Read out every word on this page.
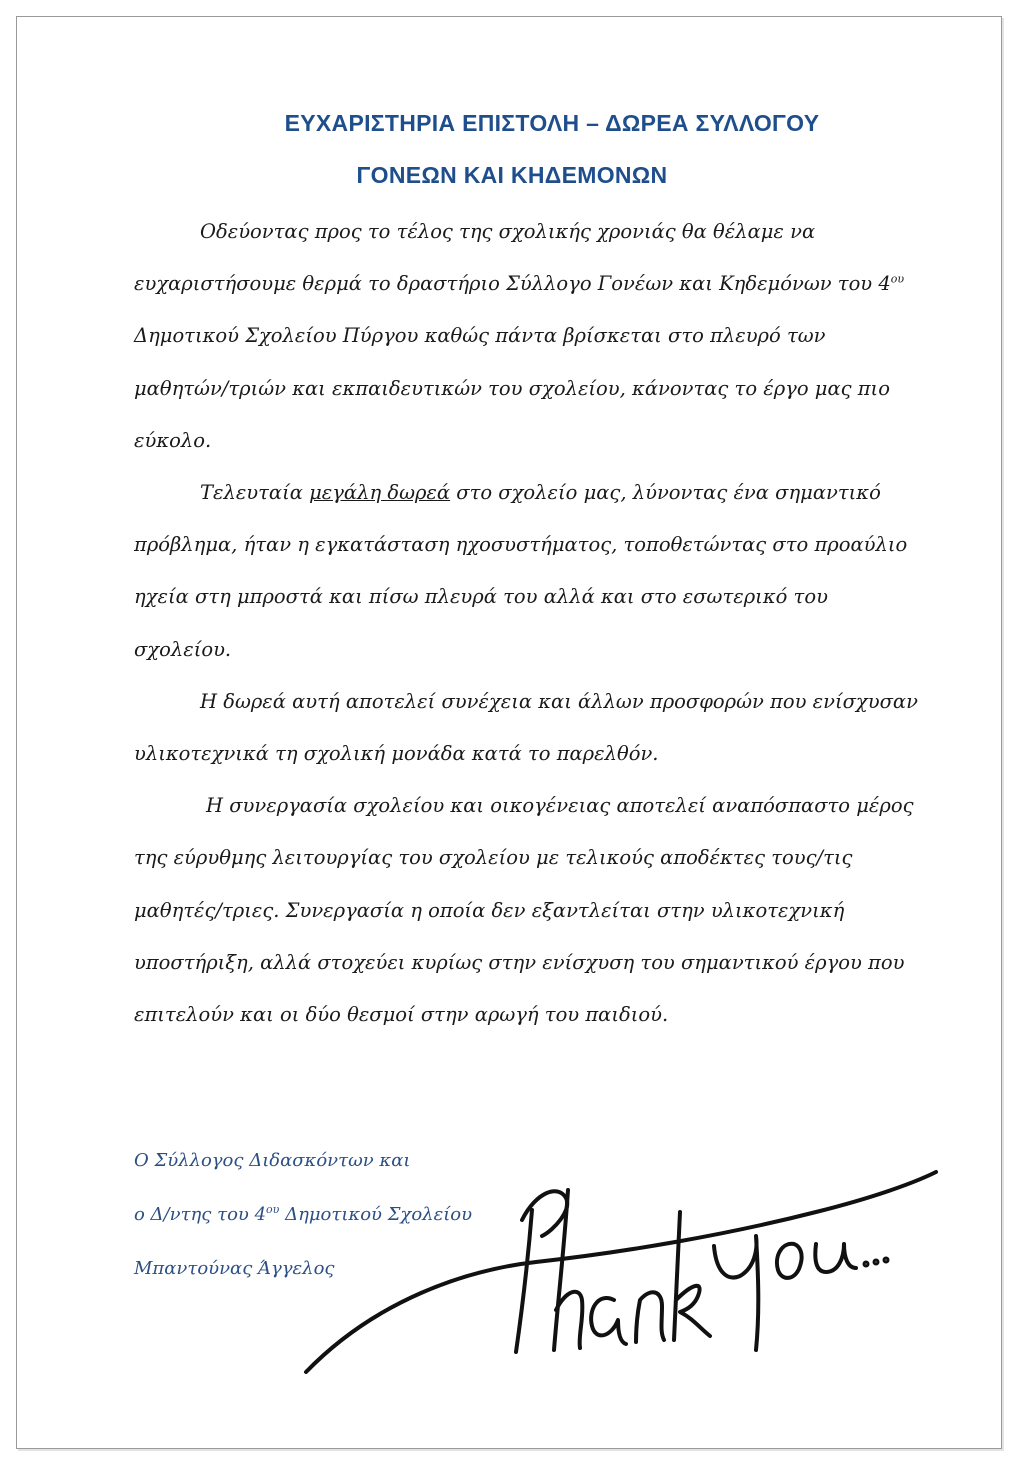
ΕΥΧΑΡΙΣΤΗΡΙΑ ΕΠΙΣΤΟΛΗ – ΔΩΡΕΑ ΣΥΛΛΟΓΟΥ
ΓΟΝΕΩΝ ΚΑΙ ΚΗΔΕΜΟΝΩΝ

Οδεύοντας προς το τέλος της σχολικής χρονιάς θα θέλαμε να ευχαριστήσουμε θερμά το δραστήριο Σύλλογο Γονέων και Κηδεμόνων του $4^{o\upsilon}$ Δημοτικού Σχολείου Πύργου καθώς πάντα βρίσκεται στο πλευρό των μαθητών/τριών και εκπαιδευτικών του σχολείου, κάνοντας το έργο μας πιο εύκολο.

Τελευταία μεγάλη δωρεά στο σχολείο μας, λύνοντας ένα σημαντικό πρόβλημα, ήταν η εγκατάσταση ηχοσυστήματος, τοποθετώντας στο προαύλιο ηχεία στη μπροστά και πίσω πλευρά του αλλά και στο εσωτερικό του σχολείου.

Η δωρεά αυτή αποτελεί συνέχεια και άλλων προσφορών που ενίσχυσαν υλικοτεχνικά τη σχολική μονάδα κατά το παρελθόν.

Η συνεργασία σχολείου και οικογένειας αποτελεί αναπόσπαστο μέρος της εύρυθμης λειτουργίας του σχολείου με τελικούς αποδέκτες τους/τις μαθητές/τριες. Συνεργασία η οποία δεν εξαντλείται στην υλικοτεχνική υποστήριξη, αλλά στοχεύει κυρίως στην ενίσχυση του σημαντικού έργου που επιτελούν και οι δύο θεσμοί στην αρωγή του παιδιού.

Ο Σύλλογος Διδασκόντων και

ο Δ/ντης του $4^{o\upsilon}$ Δημοτικού Σχολείου

Μπαντούνας Άγγελος
